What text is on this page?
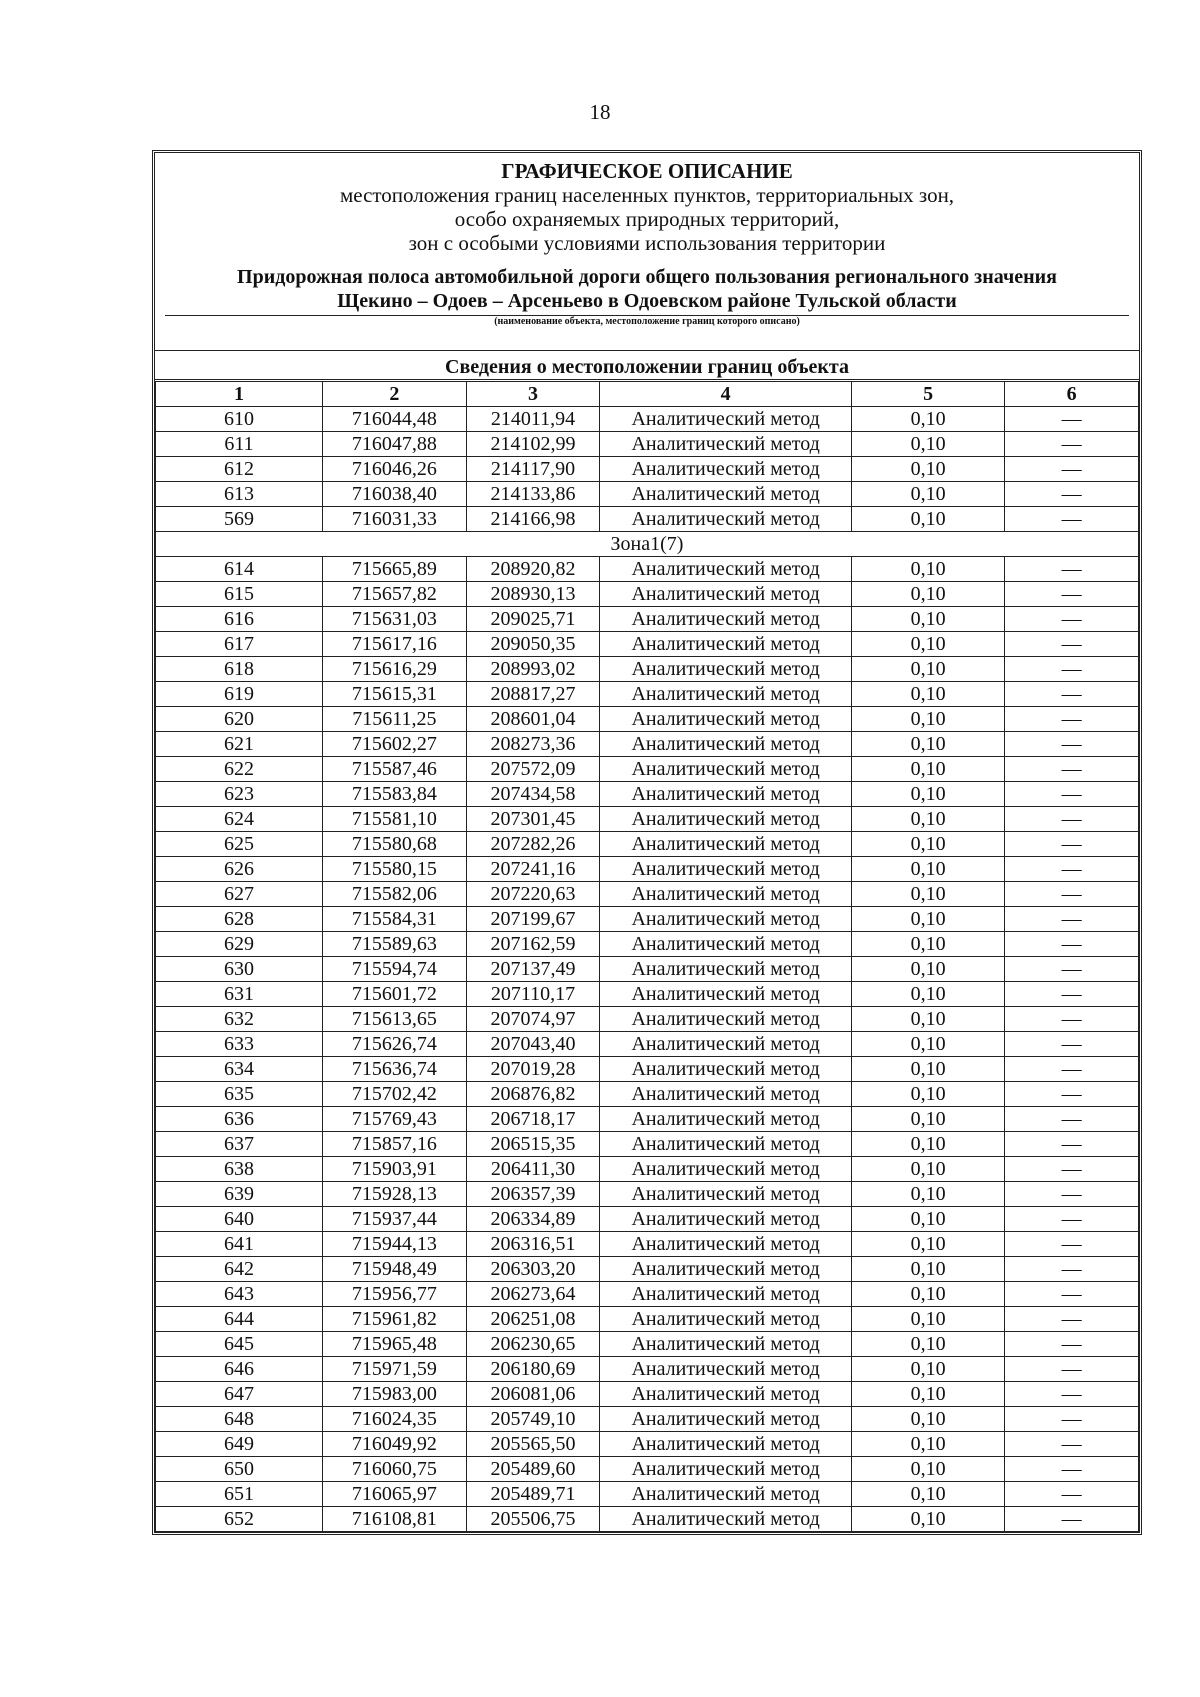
18
ГРАФИЧЕСКОЕ ОПИСАНИЕ
местоположения границ населенных пунктов, территориальных зон,
особо охраняемых природных территорий,
зон с особыми условиями использования территории
Придорожная полоса автомобильной дороги общего пользования регионального значения
Щекино – Одоев – Арсеньево в Одоевском районе Тульской области
(наименование объекта, местоположение границ которого описано)
Сведения о местоположении границ объекта
1	2	3	4	5	6
610	716044,48	214011,94	Аналитический метод	0,10	—
611	716047,88	214102,99	Аналитический метод	0,10	—
612	716046,26	214117,90	Аналитический метод	0,10	—
613	716038,40	214133,86	Аналитический метод	0,10	—
569	716031,33	214166,98	Аналитический метод	0,10	—
Зона1(7)					
614	715665,89	208920,82	Аналитический метод	0,10	—
615	715657,82	208930,13	Аналитический метод	0,10	—
616	715631,03	209025,71	Аналитический метод	0,10	—
617	715617,16	209050,35	Аналитический метод	0,10	—
618	715616,29	208993,02	Аналитический метод	0,10	—
619	715615,31	208817,27	Аналитический метод	0,10	—
620	715611,25	208601,04	Аналитический метод	0,10	—
621	715602,27	208273,36	Аналитический метод	0,10	—
622	715587,46	207572,09	Аналитический метод	0,10	—
623	715583,84	207434,58	Аналитический метод	0,10	—
624	715581,10	207301,45	Аналитический метод	0,10	—
625	715580,68	207282,26	Аналитический метод	0,10	—
626	715580,15	207241,16	Аналитический метод	0,10	—
627	715582,06	207220,63	Аналитический метод	0,10	—
628	715584,31	207199,67	Аналитический метод	0,10	—
629	715589,63	207162,59	Аналитический метод	0,10	—
630	715594,74	207137,49	Аналитический метод	0,10	—
631	715601,72	207110,17	Аналитический метод	0,10	—
632	715613,65	207074,97	Аналитический метод	0,10	—
633	715626,74	207043,40	Аналитический метод	0,10	—
634	715636,74	207019,28	Аналитический метод	0,10	—
635	715702,42	206876,82	Аналитический метод	0,10	—
636	715769,43	206718,17	Аналитический метод	0,10	—
637	715857,16	206515,35	Аналитический метод	0,10	—
638	715903,91	206411,30	Аналитический метод	0,10	—
639	715928,13	206357,39	Аналитический метод	0,10	—
640	715937,44	206334,89	Аналитический метод	0,10	—
641	715944,13	206316,51	Аналитический метод	0,10	—
642	715948,49	206303,20	Аналитический метод	0,10	—
643	715956,77	206273,64	Аналитический метод	0,10	—
644	715961,82	206251,08	Аналитический метод	0,10	—
645	715965,48	206230,65	Аналитический метод	0,10	—
646	715971,59	206180,69	Аналитический метод	0,10	—
647	715983,00	206081,06	Аналитический метод	0,10	—
648	716024,35	205749,10	Аналитический метод	0,10	—
649	716049,92	205565,50	Аналитический метод	0,10	—
650	716060,75	205489,60	Аналитический метод	0,10	—
651	716065,97	205489,71	Аналитический метод	0,10	—
652	716108,81	205506,75	Аналитический метод	0,10	—
